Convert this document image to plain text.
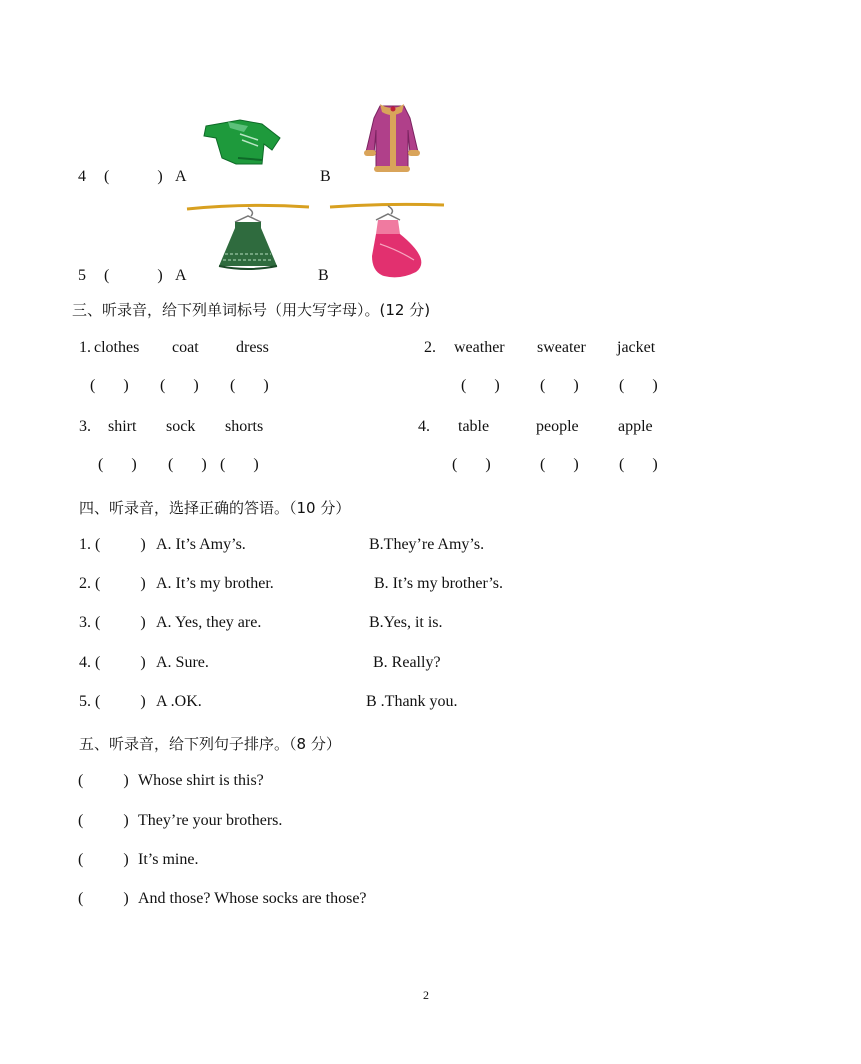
4 (            ) A	B
5 (            ) A	B
三、听录音，给下列单词标号（用大写字母）。(12 分)
1. clothes coat dress
(       ) (       ) (       )
2. weather sweater jacket
(       )	(       )	(       )
3. shirt sock shorts
(       ) (       ) (       )
4. table	people apple
(       )	(       )	(       )
四、听录音，选择正确的答语。（10 分）
1. (          ) A. It’s Amy’s.	B.They’re Amy’s.
2. (          ) A. It’s my brother.	B. It’s my brother’s.
3. (          ) A. Yes, they are.	B.Yes, it is.
4. (          ) A. Sure.	B. Really?
5. (          ) A .OK.	B .Thank you.
五、听录音，给下列句子排序。（8 分）
(          ) Whose shirt is this?
(          ) They’re your brothers.
(          ) It’s mine.
(          ) And those? Whose socks are those?
2
